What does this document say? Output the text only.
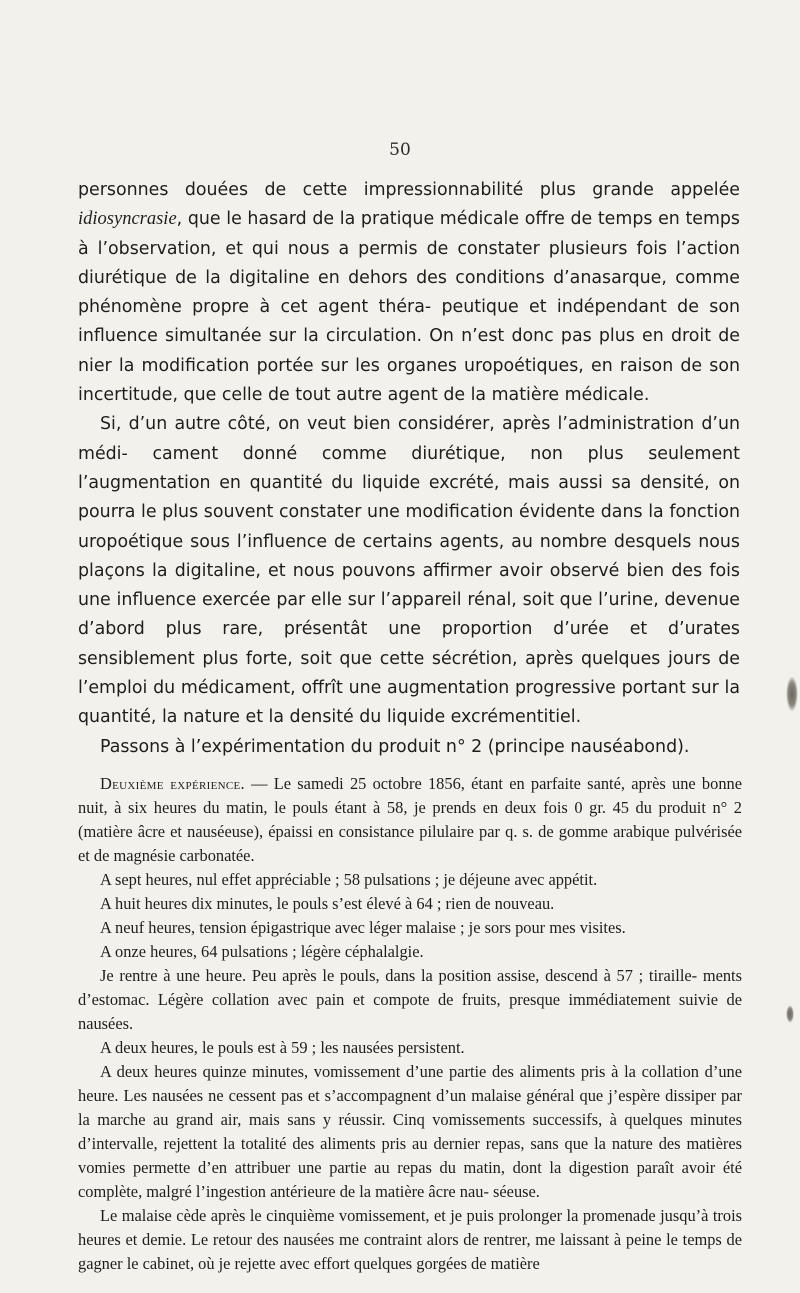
50

personnes douées de cette impressionnabilité plus grande appelée idiosyncrasie, que le hasard de la pratique médicale offre de temps en temps à l’observation, et qui nous a permis de constater plusieurs fois l’action diurétique de la digitaline en dehors des conditions d’anasarque, comme phénomène propre à cet agent théra- peutique et indépendant de son influence simultanée sur la circulation. On n’est donc pas plus en droit de nier la modification portée sur les organes uropoétiques, en raison de son incertitude, que celle de tout autre agent de la matière médicale.

Si, d’un autre côté, on veut bien considérer, après l’administration d’un médi- cament donné comme diurétique, non plus seulement l’augmentation en quantité du liquide excrété, mais aussi sa densité, on pourra le plus souvent constater une modification évidente dans la fonction uropoétique sous l’influence de certains agents, au nombre desquels nous plaçons la digitaline, et nous pouvons affirmer avoir observé bien des fois une influence exercée par elle sur l’appareil rénal, soit que l’urine, devenue d’abord plus rare, présentât une proportion d’urée et d’urates sensiblement plus forte, soit que cette sécrétion, après quelques jours de l’emploi du médicament, offrît une augmentation progressive portant sur la quantité, la nature et la densité du liquide excrémentitiel.

Passons à l’expérimentation du produit n° 2 (principe nauséabond).

Deuxième expérience. — Le samedi 25 octobre 1856, étant en parfaite santé, après une bonne nuit, à six heures du matin, le pouls étant à 58, je prends en deux fois 0 gr. 45 du produit n° 2 (matière âcre et nauséeuse), épaissi en consistance pilulaire par q. s. de gomme arabique pulvérisée et de magnésie carbonatée.

A sept heures, nul effet appréciable ; 58 pulsations ; je déjeune avec appétit.

A huit heures dix minutes, le pouls s’est élevé à 64 ; rien de nouveau.

A neuf heures, tension épigastrique avec léger malaise ; je sors pour mes visites.

A onze heures, 64 pulsations ; légère céphalalgie.

Je rentre à une heure. Peu après le pouls, dans la position assise, descend à 57 ; tiraille- ments d’estomac. Légère collation avec pain et compote de fruits, presque immédiatement suivie de nausées.

A deux heures, le pouls est à 59 ; les nausées persistent.

A deux heures quinze minutes, vomissement d’une partie des aliments pris à la collation d’une heure. Les nausées ne cessent pas et s’accompagnent d’un malaise général que j’espère dissiper par la marche au grand air, mais sans y réussir. Cinq vomissements successifs, à quelques minutes d’intervalle, rejettent la totalité des aliments pris au dernier repas, sans que la nature des matières vomies permette d’en attribuer une partie au repas du matin, dont la digestion paraît avoir été complète, malgré l’ingestion antérieure de la matière âcre nau- séeuse.

Le malaise cède après le cinquième vomissement, et je puis prolonger la promenade jusqu’à trois heures et demie. Le retour des nausées me contraint alors de rentrer, me laissant à peine le temps de gagner le cabinet, où je rejette avec effort quelques gorgées de matière
